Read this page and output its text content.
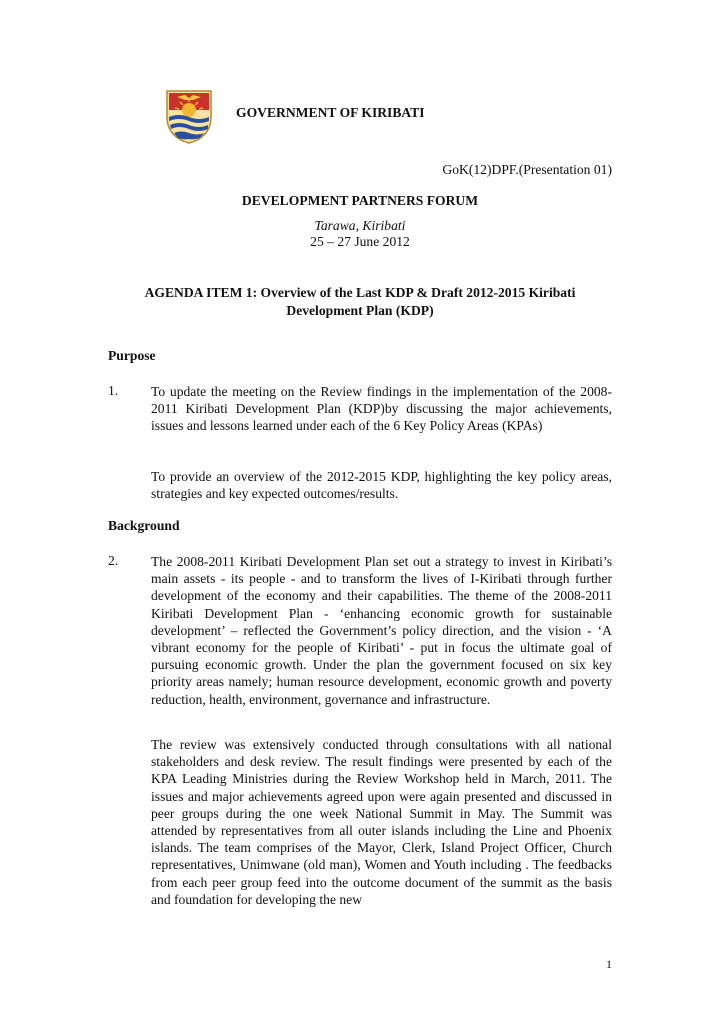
GOVERNMENT OF KIRIBATI
GoK(12)DPF.(Presentation 01)
DEVELOPMENT PARTNERS FORUM
Tarawa, Kiribati
25 – 27 June 2012
AGENDA ITEM 1: Overview of the Last KDP & Draft 2012-2015 Kiribati
Development Plan (KDP)
Purpose
1. To update the meeting on the Review findings in the implementation of the 2008-2011 Kiribati Development Plan (KDP)by discussing the major achievements, issues and lessons learned under each of the 6 Key Policy Areas (KPAs)
To provide an overview of the 2012-2015 KDP, highlighting the key policy areas, strategies and key expected outcomes/results.
Background
2. The 2008-2011 Kiribati Development Plan set out a strategy to invest in Kiribati’s main assets - its people - and to transform the lives of I-Kiribati through further development of the economy and their capabilities. The theme of the 2008-2011 Kiribati Development Plan - ‘enhancing economic growth for sustainable development’ – reflected the Government’s policy direction, and the vision - ‘A vibrant economy for the people of Kiribati’ - put in focus the ultimate goal of pursuing economic growth. Under the plan the government focused on six key priority areas namely; human resource development, economic growth and poverty reduction, health, environment, governance and infrastructure.
The review was extensively conducted through consultations with all national stakeholders and desk review. The result findings were presented by each of the KPA Leading Ministries during the Review Workshop held in March, 2011. The issues and major achievements agreed upon were again presented and discussed in peer groups during the one week National Summit in May. The Summit was attended by representatives from all outer islands including the Line and Phoenix islands. The team comprises of the Mayor, Clerk, Island Project Officer, Church representatives, Unimwane (old man), Women and Youth including . The feedbacks from each peer group feed into the outcome document of the summit as the basis and foundation for developing the new
1
